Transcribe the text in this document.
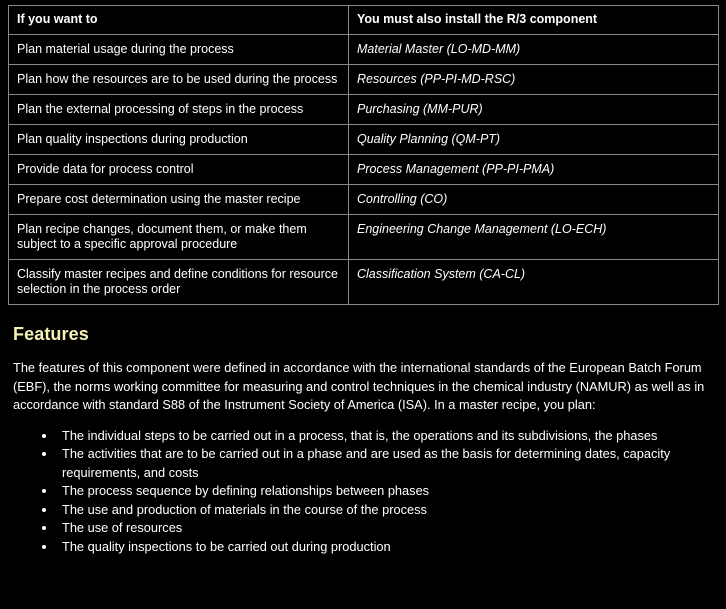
If you want to	You must also install the R/3 component
Plan material usage during the process	Material Master (LO-MD-MM)
Plan how the resources are to be used during the process	Resources (PP-PI-MD-RSC)
Plan the external processing of steps in the process	Purchasing (MM-PUR)
Plan quality inspections during production	Quality Planning (QM-PT)
Provide data for process control	Process Management (PP-PI-PMA)
Prepare cost determination using the master recipe	Controlling (CO)
Plan recipe changes, document them, or make them subject to a specific approval procedure	Engineering Change Management (LO-ECH)
Classify master recipes and define conditions for resource selection in the process order	Classification System (CA-CL)
Features

The features of this component were defined in accordance with the international standards of the European Batch Forum (EBF), the norms working committee for measuring and control techniques in the chemical industry (NAMUR) as well as in accordance with standard S88 of the Instrument Society of America (ISA). In a master recipe, you plan:

The individual steps to be carried out in a process, that is, the operations and its subdivisions, the phases
The activities that are to be carried out in a phase and are used as the basis for determining dates, capacity requirements, and costs
The process sequence by defining relationships between phases
The use and production of materials in the course of the process
The use of resources
The quality inspections to be carried out during production
